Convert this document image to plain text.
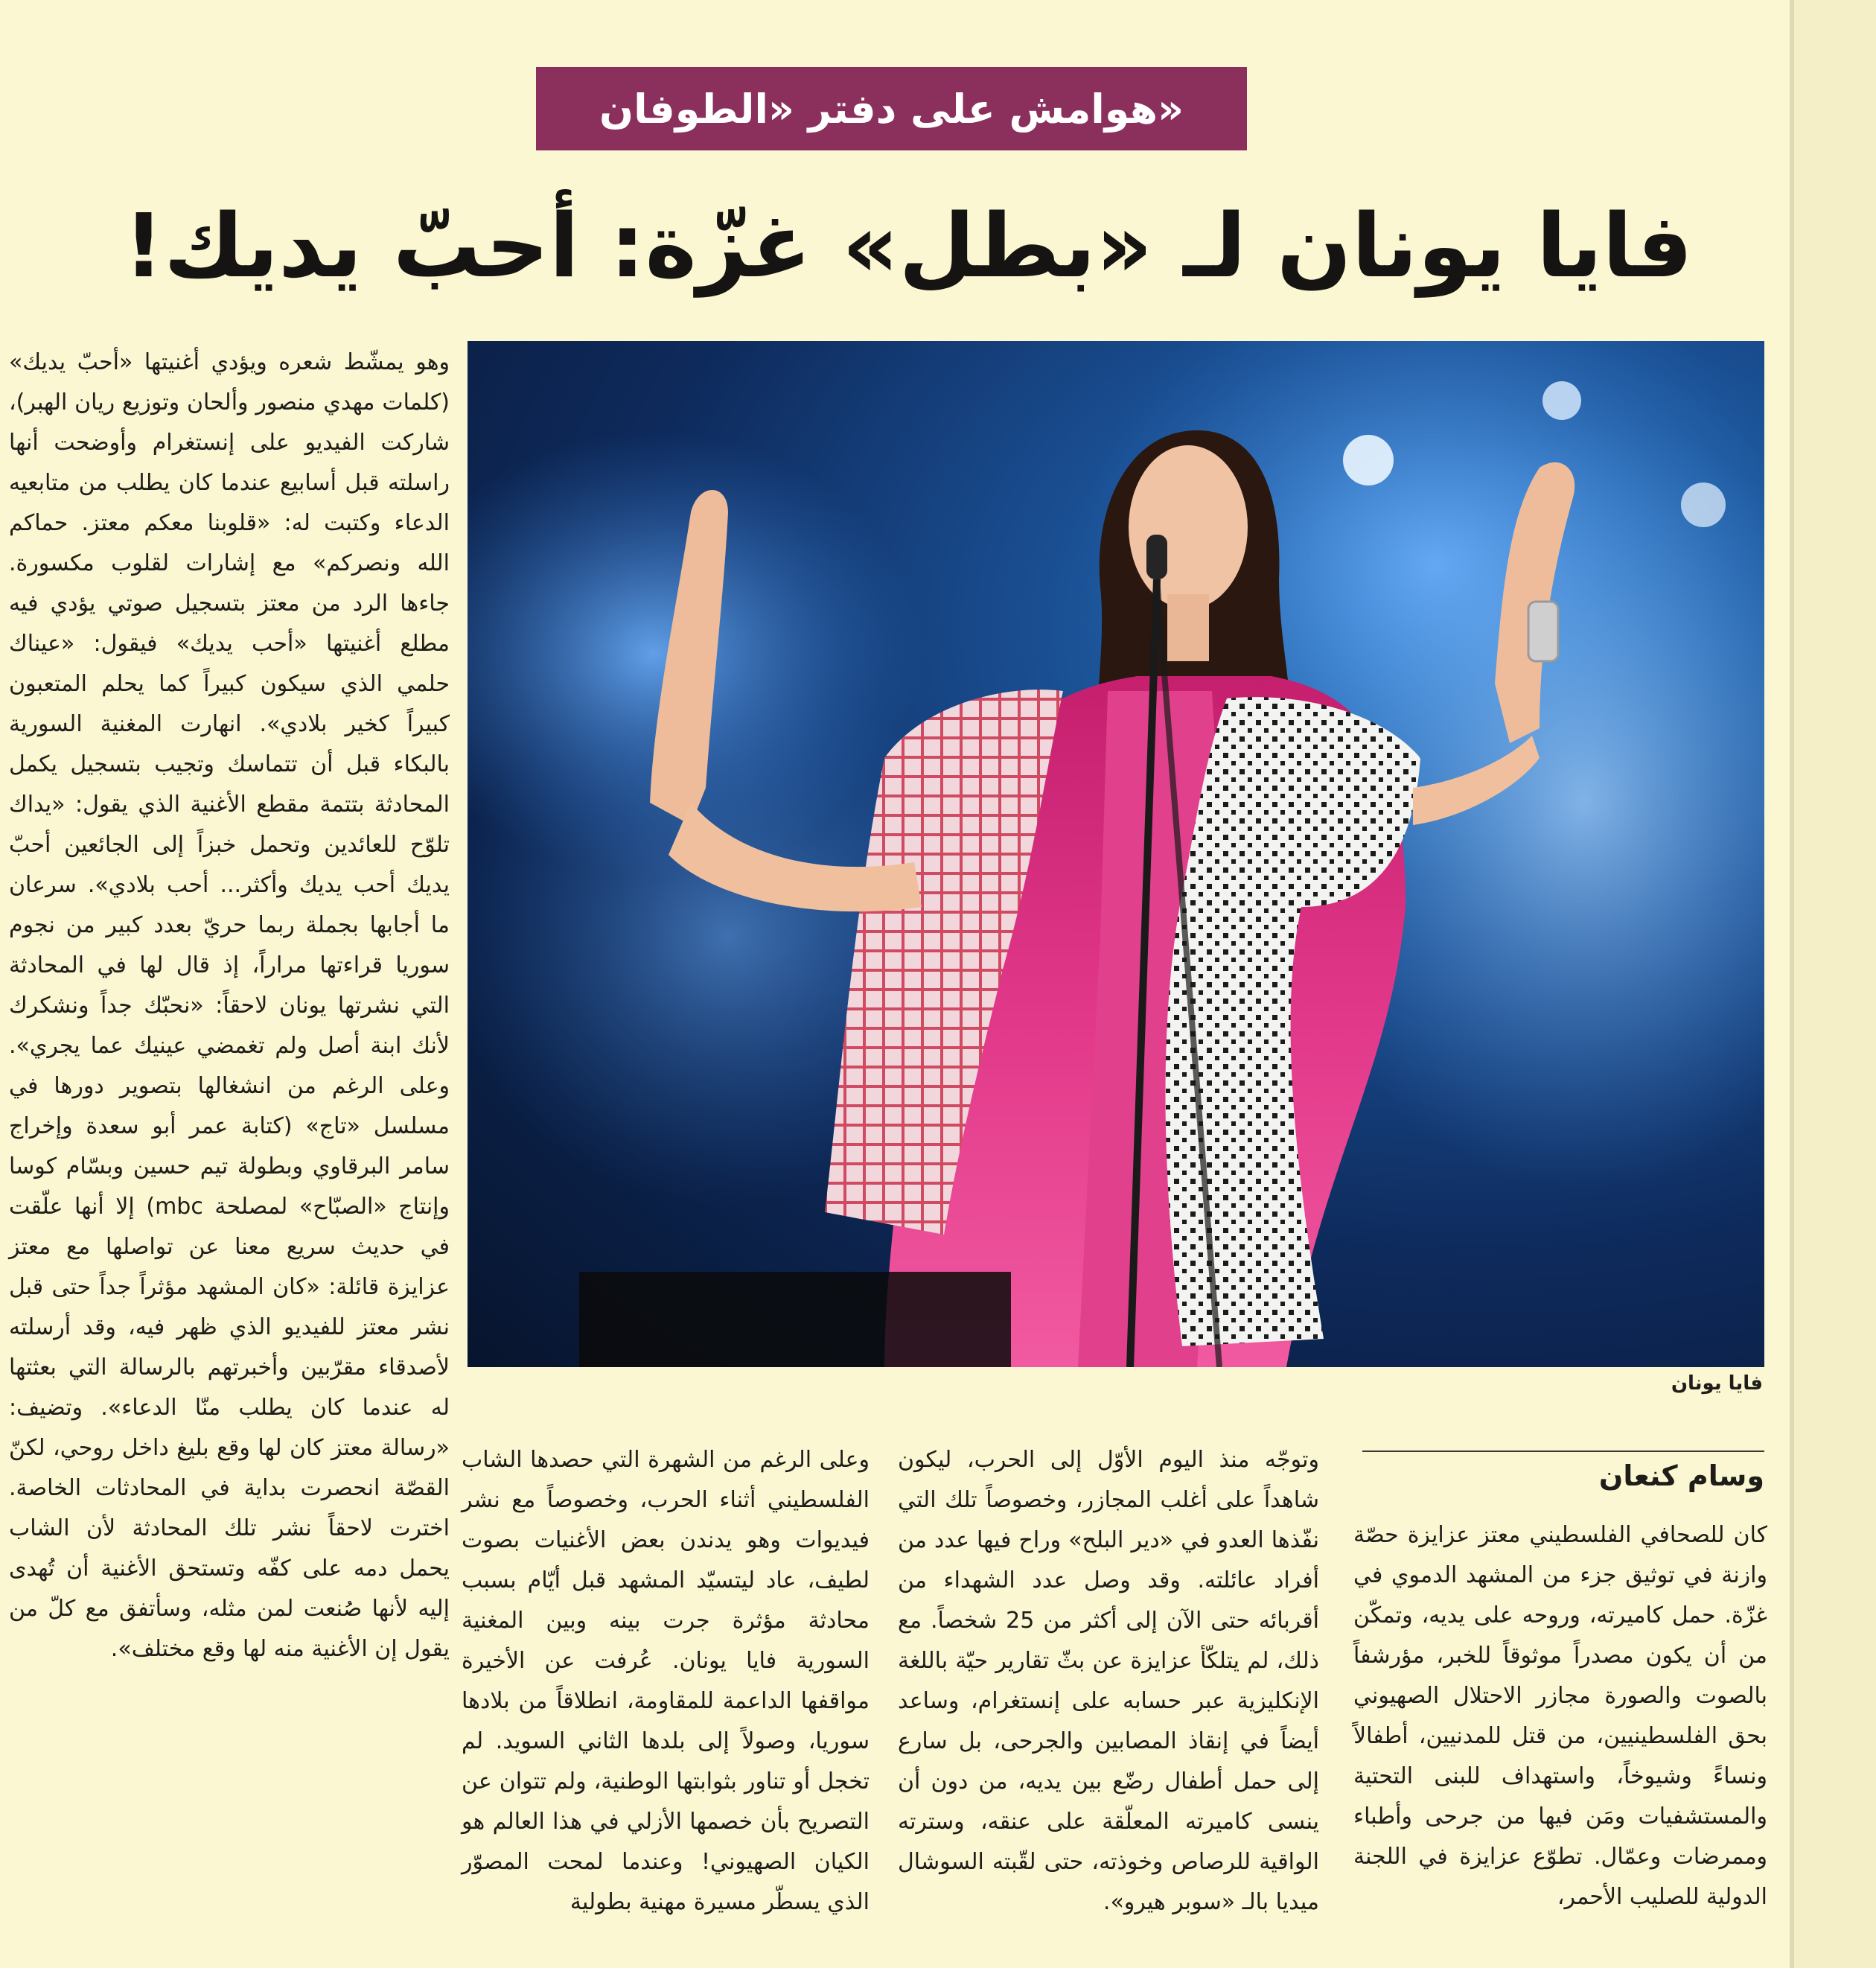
هوامش على دفتر «الطوفان»
فايا يونان لـ «بطل» غزّة: أحبّ يديك!
فايا يونان
وسام كنعان

وهو يمشّط شعره ويؤدي أغنيتها «أحبّ يديك» (كلمات مهدي منصور وألحان وتوزيع ريان الهبر)، شاركت الفيديو على إنستغرام وأوضحت أنها راسلته قبل أسابيع عندما كان يطلب من متابعيه الدعاء وكتبت له: «قلوبنا معكم معتز. حماكم الله ونصركم» مع إشارات لقلوب مكسورة. جاءها الرد من معتز بتسجيل صوتي يؤدي فيه مطلع أغنيتها «أحب يديك» فيقول: «عيناك حلمي الذي سيكون كبيراً كما يحلم المتعبون كبيراً كخير بلادي». انهارت المغنية السورية بالبكاء قبل أن تتماسك وتجيب بتسجيل يكمل المحادثة بتتمة مقطع الأغنية الذي يقول: «يداك تلوّح للعائدين وتحمل خبزاً إلى الجائعين أحبّ يديك أحب يديك وأكثر... أحب بلادي». سرعان ما أجابها بجملة ربما حريّ بعدد كبير من نجوم سوريا قراءتها مراراً، إذ قال لها في المحادثة التي نشرتها يونان لاحقاً: «نحبّك جداً ونشكرك لأنك ابنة أصل ولم تغمضي عينيك عما يجري». وعلى الرغم من انشغالها بتصوير دورها في مسلسل «تاج» (كتابة عمر أبو سعدة وإخراج سامر البرقاوي وبطولة تيم حسين وبسّام كوسا وإنتاج «الصبّاح» لمصلحة mbc) إلا أنها علّقت في حديث سريع معنا عن تواصلها مع معتز عزايزة قائلة: «كان المشهد مؤثراً جداً حتى قبل نشر معتز للفيديو الذي ظهر فيه، وقد أرسلته لأصدقاء مقرّبين وأخبرتهم بالرسالة التي بعثتها له عندما كان يطلب منّا الدعاء». وتضيف: «رسالة معتز كان لها وقع بليغ داخل روحي، لكنّ القصّة انحصرت بداية في المحادثات الخاصة. اخترت لاحقاً نشر تلك المحادثة لأن الشاب يحمل دمه على كفّه وتستحق الأغنية أن تُهدى إليه لأنها صُنعت لمن مثله، وسأتفق مع كلّ من يقول إن الأغنية منه لها وقع مختلف».

وعلى الرغم من الشهرة التي حصدها الشاب الفلسطيني أثناء الحرب، وخصوصاً مع نشر فيديوات وهو يدندن بعض الأغنيات بصوت لطيف، عاد ليتسيّد المشهد قبل أيّام بسبب محادثة مؤثرة جرت بينه وبين المغنية السورية فايا يونان. عُرفت عن الأخيرة مواقفها الداعمة للمقاومة، انطلاقاً من بلادها سوريا، وصولاً إلى بلدها الثاني السويد. لم تخجل أو تناور بثوابتها الوطنية، ولم تتوان عن التصريح بأن خصمها الأزلي في هذا العالم هو الكيان الصهيوني! وعندما لمحت المصوّر الذي يسطّر مسيرة مهنية بطولية

وتوجّه منذ اليوم الأوّل إلى الحرب، ليكون شاهداً على أغلب المجازر، وخصوصاً تلك التي نفّذها العدو في «دير البلح» وراح فيها عدد من أفراد عائلته. وقد وصل عدد الشهداء من أقربائه حتى الآن إلى أكثر من 25 شخصاً. مع ذلك، لم يتلكّأ عزايزة عن بثّ تقارير حيّة باللغة الإنكليزية عبر حسابه على إنستغرام، وساعد أيضاً في إنقاذ المصابين والجرحى، بل سارع إلى حمل أطفال رضّع بين يديه، من دون أن ينسى كاميرته المعلّقة على عنقه، وسترته الواقية للرصاص وخوذته، حتى لقّبته السوشال ميديا بالـ «سوبر هيرو».

كان للصحافي الفلسطيني معتز عزايزة حصّة وازنة في توثيق جزء من المشهد الدموي في غزّة. حمل كاميرته، وروحه على يديه، وتمكّن من أن يكون مصدراً موثوقاً للخبر، مؤرشفاً بالصوت والصورة مجازر الاحتلال الصهيوني بحق الفلسطينيين، من قتل للمدنيين، أطفالاً ونساءً وشيوخاً، واستهداف للبنى التحتية والمستشفيات ومَن فيها من جرحى وأطباء وممرضات وعمّال. تطوّع عزايزة في اللجنة الدولية للصليب الأحمر،
